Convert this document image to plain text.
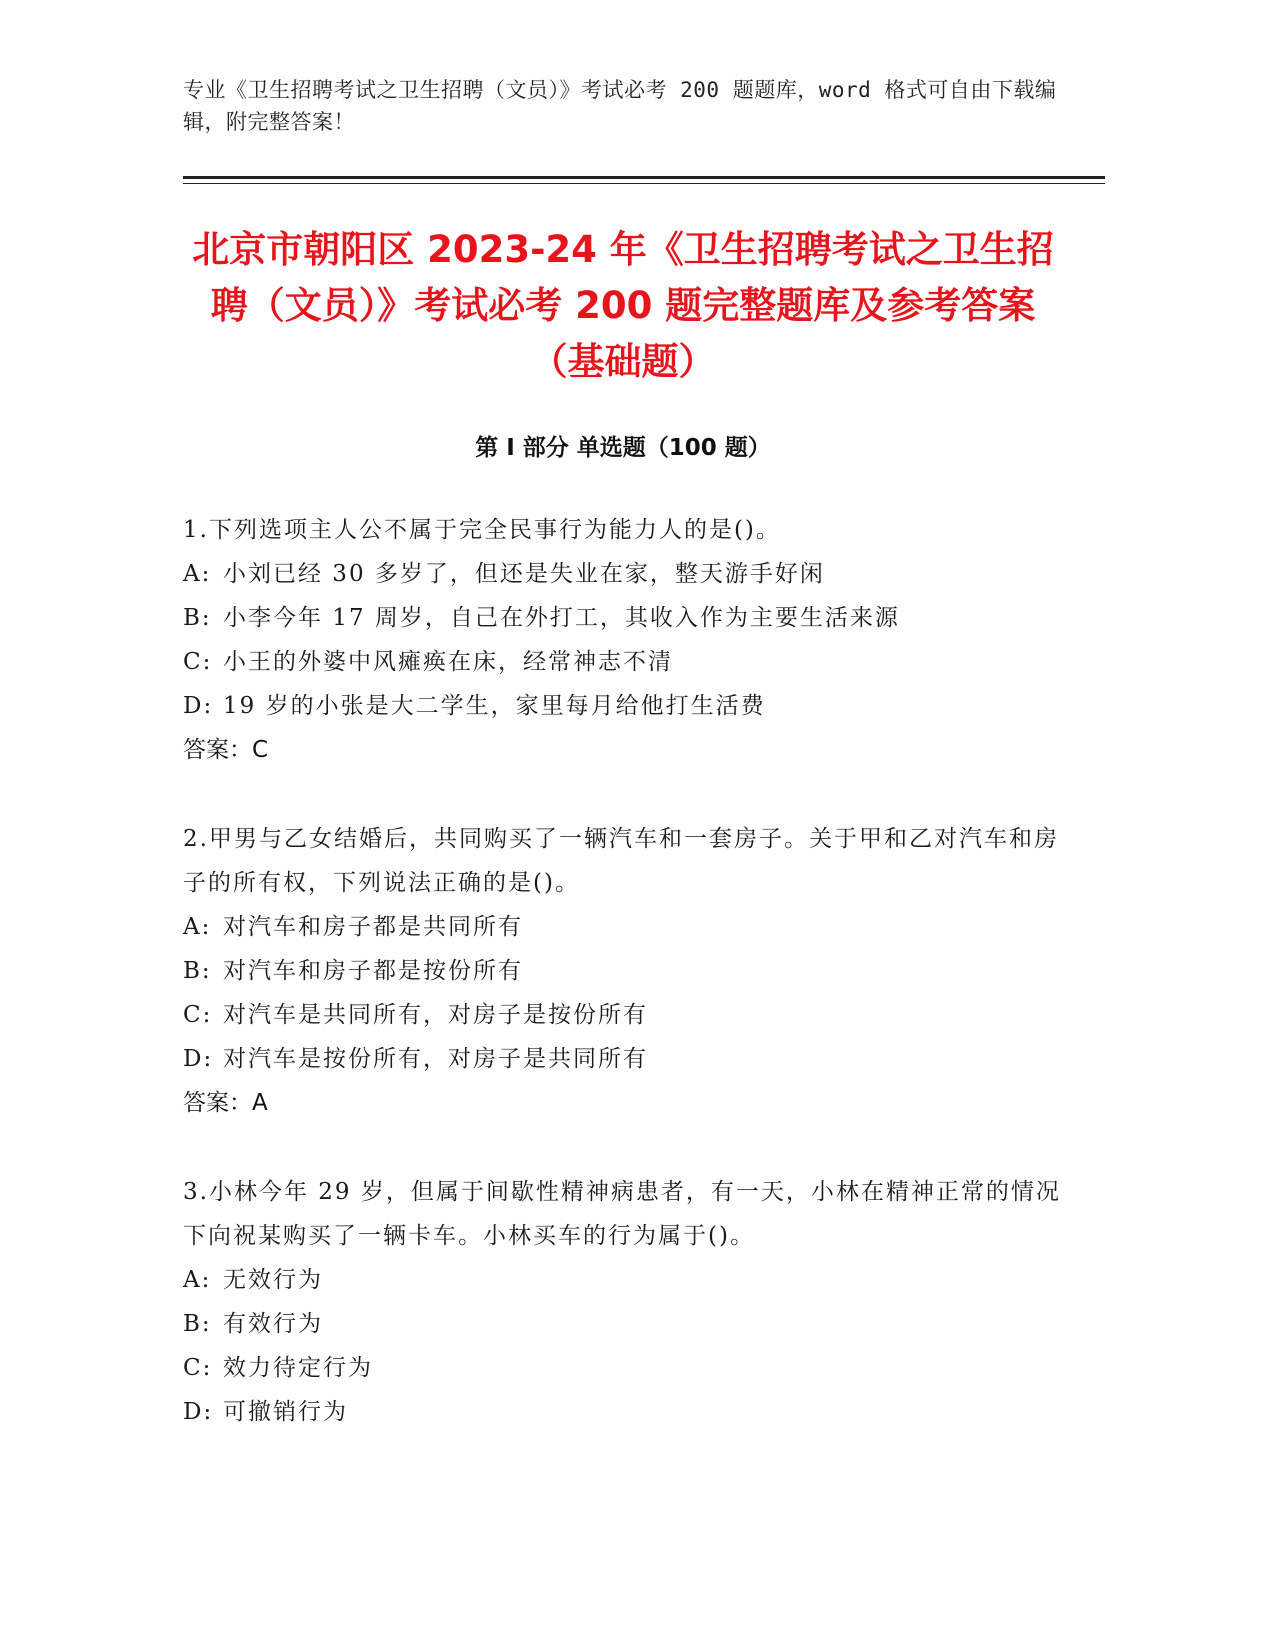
专业《卫生招聘考试之卫生招聘（文员）》考试必考 200 题题库，word 格式可自由下载编辑，附完整答案！
北京市朝阳区 2023-24 年《卫生招聘考试之卫生招聘（文员）》考试必考 200 题完整题库及参考答案（基础题）
第 I 部分 单选题（100 题）
1.下列选项主人公不属于完全民事行为能力人的是()。
A: 小刘已经 30 多岁了，但还是失业在家，整天游手好闲
B: 小李今年 17 周岁，自己在外打工，其收入作为主要生活来源
C: 小王的外婆中风瘫痪在床，经常神志不清
D: 19 岁的小张是大二学生，家里每月给他打生活费
答案：C
2.甲男与乙女结婚后，共同购买了一辆汽车和一套房子。关于甲和乙对汽车和房子的所有权，下列说法正确的是()。
A: 对汽车和房子都是共同所有
B: 对汽车和房子都是按份所有
C: 对汽车是共同所有，对房子是按份所有
D: 对汽车是按份所有，对房子是共同所有
答案：A
3.小林今年 29 岁，但属于间歇性精神病患者，有一天，小林在精神正常的情况下向祝某购买了一辆卡车。小林买车的行为属于()。
A: 无效行为
B: 有效行为
C: 效力待定行为
D: 可撤销行为
